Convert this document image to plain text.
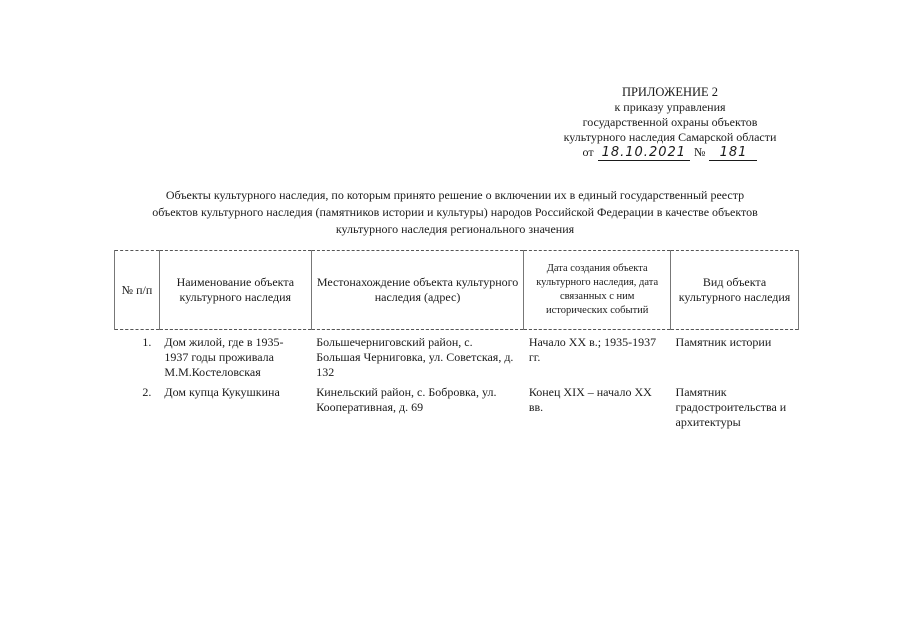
ПРИЛОЖЕНИЕ 2
к приказу управления
государственной охраны объектов
культурного наследия Самарской области
от 18.10.2021 №	181
Объекты культурного наследия, по которым принято решение о включении их в единый государственный реестр
объектов культурного наследия (памятников истории и культуры) народов Российской Федерации в качестве объектов
культурного наследия регионального значения
№ п/п	Наименование объекта культурного наследия	Местонахождение объекта культурного наследия (адрес)	Дата создания объекта культурного наследия, дата связанных с ним исторических событий	Вид объекта культурного наследия
1.	Дом жилой, где в 1935-1937 годы проживала М.М.Костеловская	Большечерниговский район, с. Большая Черниговка, ул. Советская, д. 132	Начало XX в.; 1935-1937 гг.	Памятник истории
2.	Дом купца Кукушкина	Кинельский район, с. Бобровка, ул. Кооперативная, д. 69	Конец XIX – начало XX вв.	Памятник градостроительства и архитектуры
